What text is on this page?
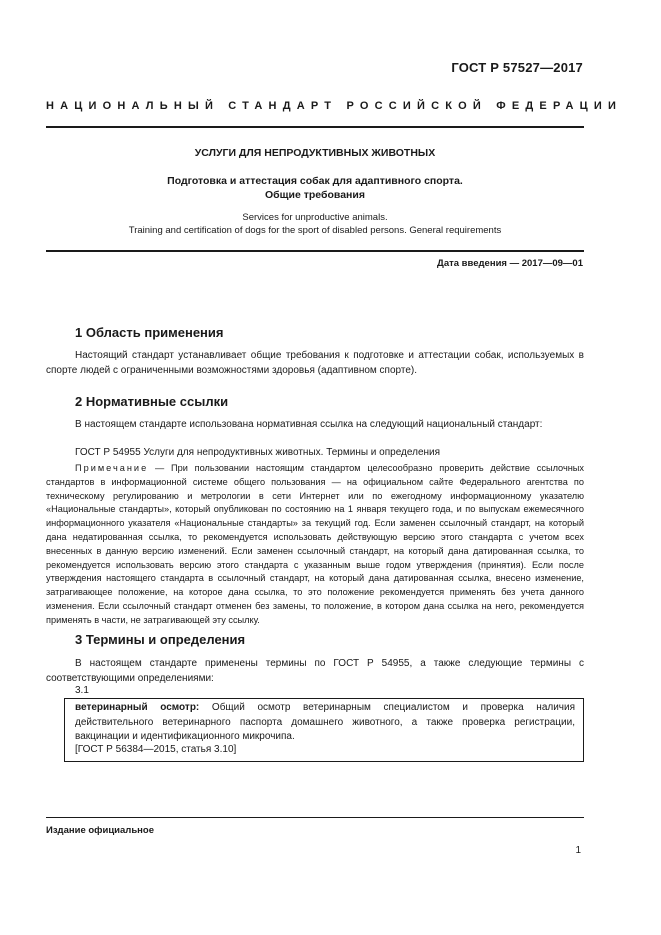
ГОСТ Р 57527—2017
НАЦИОНАЛЬНЫЙ СТАНДАРТ РОССИЙСКОЙ ФЕДЕРАЦИИ
УСЛУГИ ДЛЯ НЕПРОДУКТИВНЫХ ЖИВОТНЫХ
Подготовка и аттестация собак для адаптивного спорта.
Общие требования
Services for unproductive animals.
Training and certification of dogs for the sport of disabled persons. General requirements
Дата введения — 2017—09—01
1 Область применения
Настоящий стандарт устанавливает общие требования к подготовке и аттестации собак, используемых в спорте людей с ограниченными возможностями здоровья (адаптивном спорте).
2 Нормативные ссылки
В настоящем стандарте использована нормативная ссылка на следующий национальный стандарт:
ГОСТ Р 54955 Услуги для непродуктивных животных. Термины и определения
Примечание — При пользовании настоящим стандартом целесообразно проверить действие ссылочных стандартов в информационной системе общего пользования — на официальном сайте Федерального агентства по техническому регулированию и метрологии в сети Интернет или по ежегодному информационному указателю «Национальные стандарты», который опубликован по состоянию на 1 января текущего года, и по выпускам ежемесячного информационного указателя «Национальные стандарты» за текущий год. Если заменен ссылочный стандарт, на который дана недатированная ссылка, то рекомендуется использовать действующую версию этого стандарта с учетом всех внесенных в данную версию изменений. Если заменен ссылочный стандарт, на который дана датированная ссылка, то рекомендуется использовать версию этого стандарта с указанным выше годом утверждения (принятия). Если после утверждения настоящего стандарта в ссылочный стандарт, на который дана датированная ссылка, внесено изменение, затрагивающее положение, на которое дана ссылка, то это положение рекомендуется применять без учета данного изменения. Если ссылочный стандарт отменен без замены, то положение, в котором дана ссылка на него, рекомендуется применять в части, не затрагивающей эту ссылку.
3 Термины и определения
В настоящем стандарте применены термины по ГОСТ Р 54955, а также следующие термины с соответствующими определениями:
3.1
ветеринарный осмотр: Общий осмотр ветеринарным специалистом и проверка наличия действительного ветеринарного паспорта домашнего животного, а также проверка регистрации, вакцинации и идентификационного микрочипа.
[ГОСТ Р 56384—2015, статья 3.10]
Издание официальное
1
